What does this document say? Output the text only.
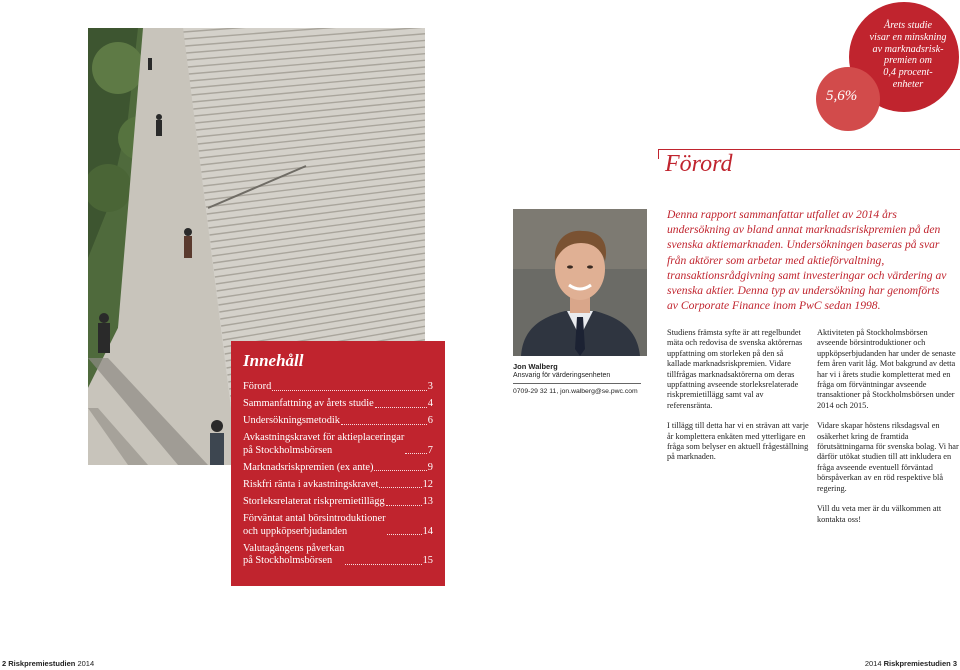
Innehåll
Förord	3
Sammanfattning av årets studie	4
Undersökningsmetodik	6
Avkastningskravet för aktieplaceringar
på Stockholmsbörsen	7
Marknadsriskpremien (ex ante)	9
Riskfri ränta i avkastningskravet	12
Storleksrelaterat riskpremietillägg	13
Förväntat antal börsintroduktioner
och uppköpserbjudanden	14
Valutagångens påverkan
på Stockholmsbörsen	15
5,6%
Årets studie
visar en minskning
av marknadsrisk-
premien om
0,4 procent-
enheter
Förord

Denna rapport sammanfattar utfallet av 2014 års undersökning av bland annat marknadsriskpremien på den svenska aktiemarknaden. Undersökningen baseras på svar från aktörer som arbetar med aktieförvaltning, transaktionsrådgivning samt investeringar och värdering av svenska aktier. Denna typ av undersökning har genomförts av Corporate Finance inom PwC sedan 1998.

Jon Walberg
Ansvarig för värderingsenheten
0709-29 32 11, jon.walberg@se.pwc.com

Studiens främsta syfte är att regelbundet mäta och redovisa de svenska aktörernas uppfattning om storleken på den så kallade marknadsriskpremien. Vidare tillfrågas marknadsaktörerna om deras uppfattning avseende storleksrelaterade riskpremietillägg samt val av referensränta.

I tillägg till detta har vi en strävan att varje år komplettera enkäten med ytterligare en fråga som belyser en aktuell frågeställning på marknaden.

Aktiviteten på Stockholmsbörsen avseende börsintroduktioner och uppköpserbjudanden har under de senaste fem åren varit låg. Mot bakgrund av detta har vi i årets studie kompletterat med en fråga om förväntningar avseende transaktioner på Stockholmsbörsen under 2014 och 2015.

Vidare skapar höstens riksdagsval en osäkerhet kring de framtida förutsättningarna för svenska bolag. Vi har därför utökat studien till att inkludera en fråga avseende eventuell förväntad börspåverkan av en röd respektive blå regering.

Vill du veta mer är du välkommen att kontakta oss!

2 Riskpremiestudien 2014	2014 Riskpremiestudien 3
